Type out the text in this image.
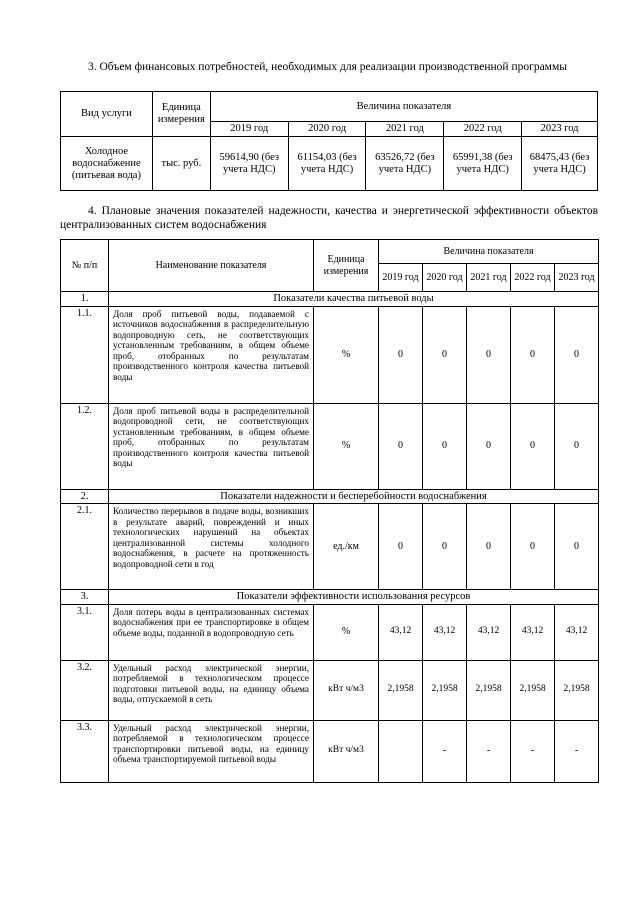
3. Объем финансовых потребностей, необходимых для реализации производственной программы
Вид услуги	Единица измерения	Величина показателя				
		2019 год	2020 год	2021 год	2022 год	2023 год
Холодное водоснабжение (питьевая вода)	тыс. руб.	59614,90 (без учета НДС)	61154,03 (без учета НДС)	63526,72 (без учета НДС)	65991,38 (без учета НДС)	68475,43 (без учета НДС)
4. Плановые значения показателей надежности, качества и энергетической эффективности объектов централизованных систем водоснабжения
№ п/п	Наименование показателя	Единица измерения	Величина показателя				
			2019 год	2020 год	2021 год	2022 год	2023 год
1.	Показатели качества питьевой воды						
1.1.	Доля проб питьевой воды, подаваемой с источников водоснабжения в распределительную водопроводную сеть, не соответствующих установленным требованиям, в общем объеме проб, отобранных по результатам производственного контроля качества питьевой воды	%	0	0	0	0	0
1.2.	Доля проб питьевой воды в распределительной водопроводной сети, не соответствующих установленным требованиям, в общем объеме проб, отобранных по результатам производственного контроля качества питьевой воды	%	0	0	0	0	0
2.	Показатели надежности и бесперебойности водоснабжения						
2.1.	Количество перерывов в подаче воды, возникших в результате аварий, повреждений и иных технологических нарушений на объектах централизованной системы холодного водоснабжения, в расчете на протяженность водопроводной сети в год	ед./км	0	0	0	0	0
3.	Показатели эффективности использования ресурсов						
3.1.	Доля потерь воды в централизованных системах водоснабжения при ее транспортировке в общем объеме воды, поданной в водопроводную сеть	%	43,12	43,12	43,12	43,12	43,12
3.2.	Удельный расход электрической энергии, потребляемой в технологическом процессе подготовки питьевой воды, на единицу объема воды, отпускаемой в сеть	кВт ч/м3	2,1958	2,1958	2,1958	2,1958	2,1958
3.3.	Удельный расход электрической энергии, потребляемой в технологическом процессе транспортировки питьевой воды, на единицу объема транспортируемой питьевой воды	кВт ч/м3		-	-	-	-
